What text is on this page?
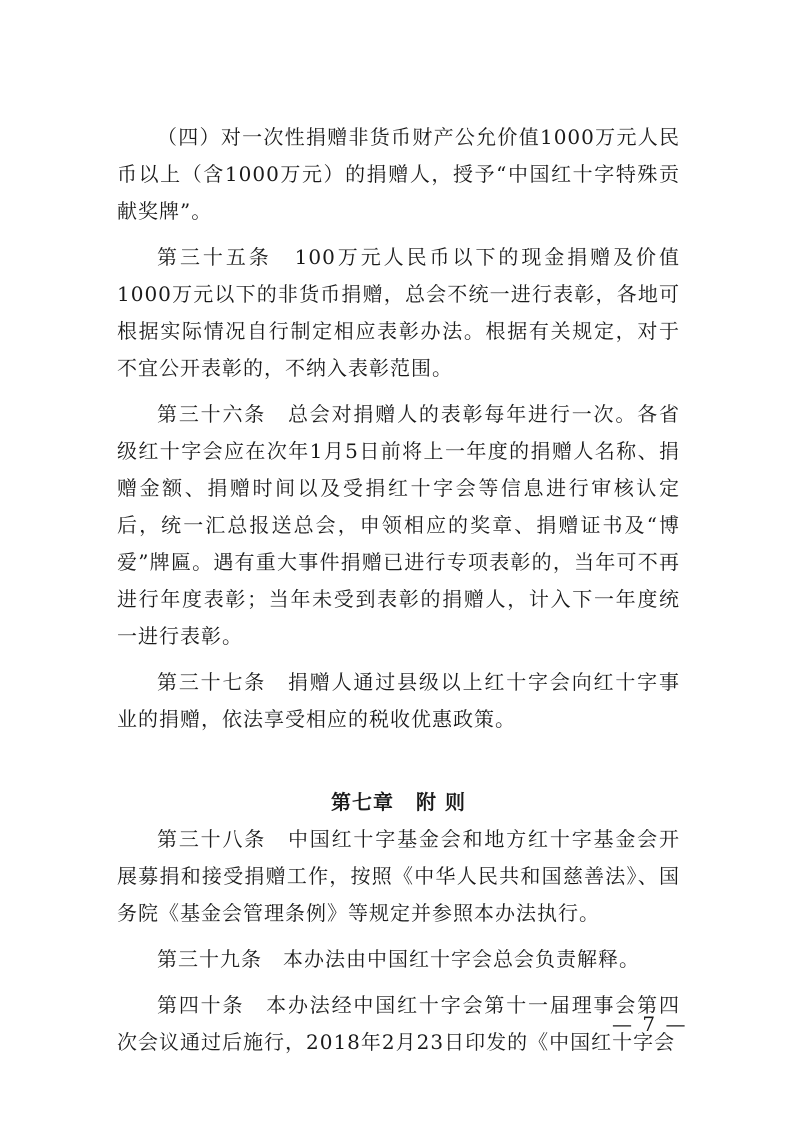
（四）对一次性捐赠非货币财产公允价值1000万元人民币以上（含1000万元）的捐赠人，授予“中国红十字特殊贡献奖牌”。

第三十五条　100万元人民币以下的现金捐赠及价值1000万元以下的非货币捐赠，总会不统一进行表彰，各地可根据实际情况自行制定相应表彰办法。根据有关规定，对于不宜公开表彰的，不纳入表彰范围。

第三十六条　总会对捐赠人的表彰每年进行一次。各省级红十字会应在次年1月5日前将上一年度的捐赠人名称、捐赠金额、捐赠时间以及受捐红十字会等信息进行审核认定后，统一汇总报送总会，申领相应的奖章、捐赠证书及“博爱”牌匾。遇有重大事件捐赠已进行专项表彰的，当年可不再进行年度表彰；当年未受到表彰的捐赠人，计入下一年度统一进行表彰。

第三十七条　捐赠人通过县级以上红十字会向红十字事业的捐赠，依法享受相应的税收优惠政策。

第七章 附 则

第三十八条　中国红十字基金会和地方红十字基金会开展募捐和接受捐赠工作，按照《中华人民共和国慈善法》、国务院《基金会管理条例》等规定并参照本办法执行。

第三十九条　本办法由中国红十字会总会负责解释。

第四十条　本办法经中国红十字会第十一届理事会第四次会议通过后施行，2018年2月23日印发的《中国红十字会

— 7 —
